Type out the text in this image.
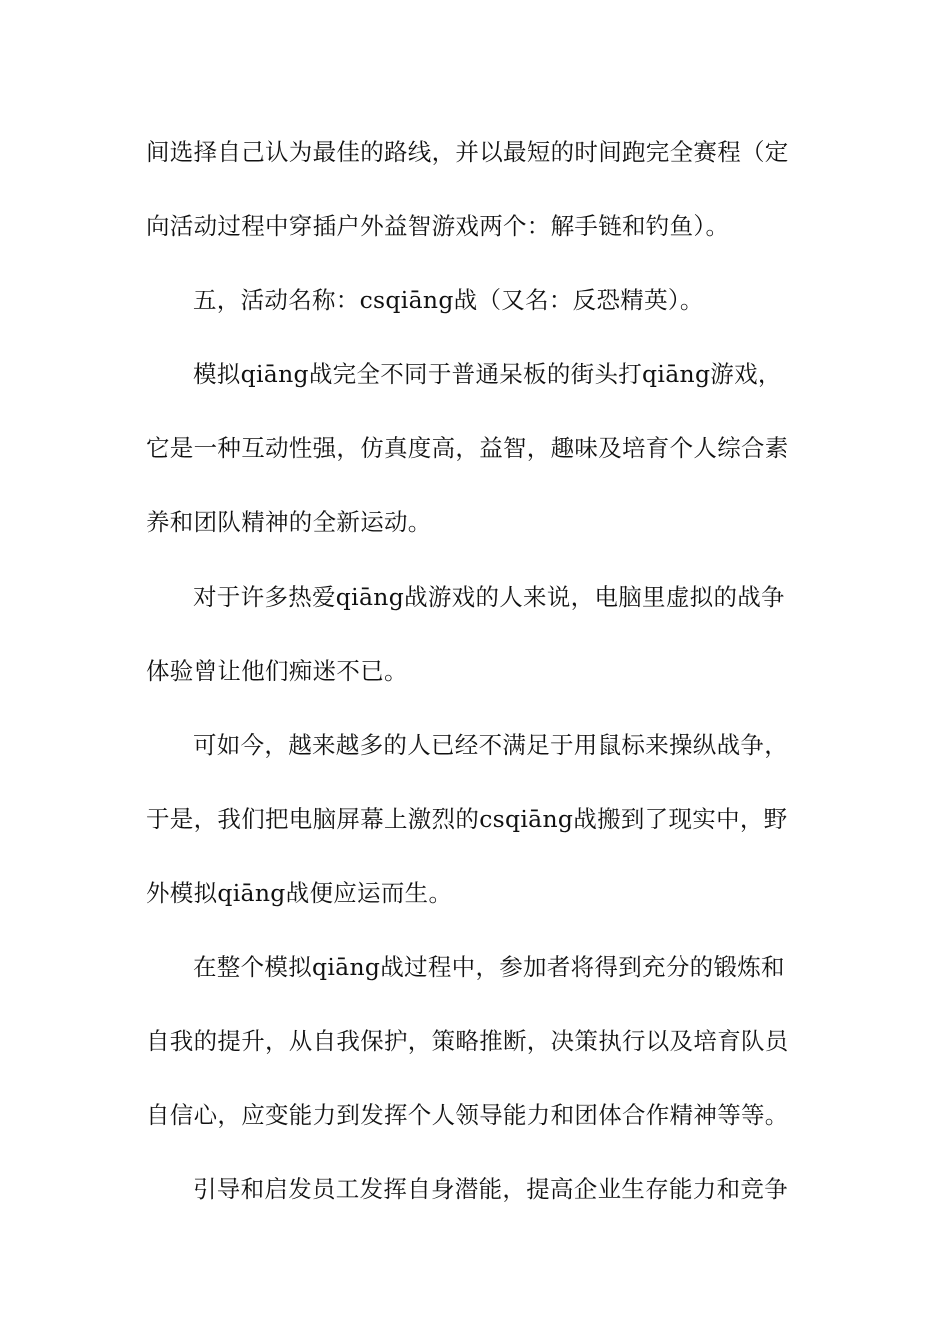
间选择自己认为最佳的路线，并以最短的时间跑完全赛程（定
向活动过程中穿插户外益智游戏两个：解手链和钓鱼）。
五，活动名称：csqiāng战（又名：反恐精英）。
模拟qiāng战完全不同于普通呆板的街头打qiāng游戏，
它是一种互动性强，仿真度高，益智，趣味及培育个人综合素
养和团队精神的全新运动。
对于许多热爱qiāng战游戏的人来说，电脑里虚拟的战争
体验曾让他们痴迷不已。
可如今，越来越多的人已经不满足于用鼠标来操纵战争，
于是，我们把电脑屏幕上激烈的csqiāng战搬到了现实中，野
外模拟qiāng战便应运而生。
在整个模拟qiāng战过程中，参加者将得到充分的锻炼和
自我的提升，从自我保护，策略推断，决策执行以及培育队员
自信心，应变能力到发挥个人领导能力和团体合作精神等等。
引导和启发员工发挥自身潜能，提高企业生存能力和竞争
